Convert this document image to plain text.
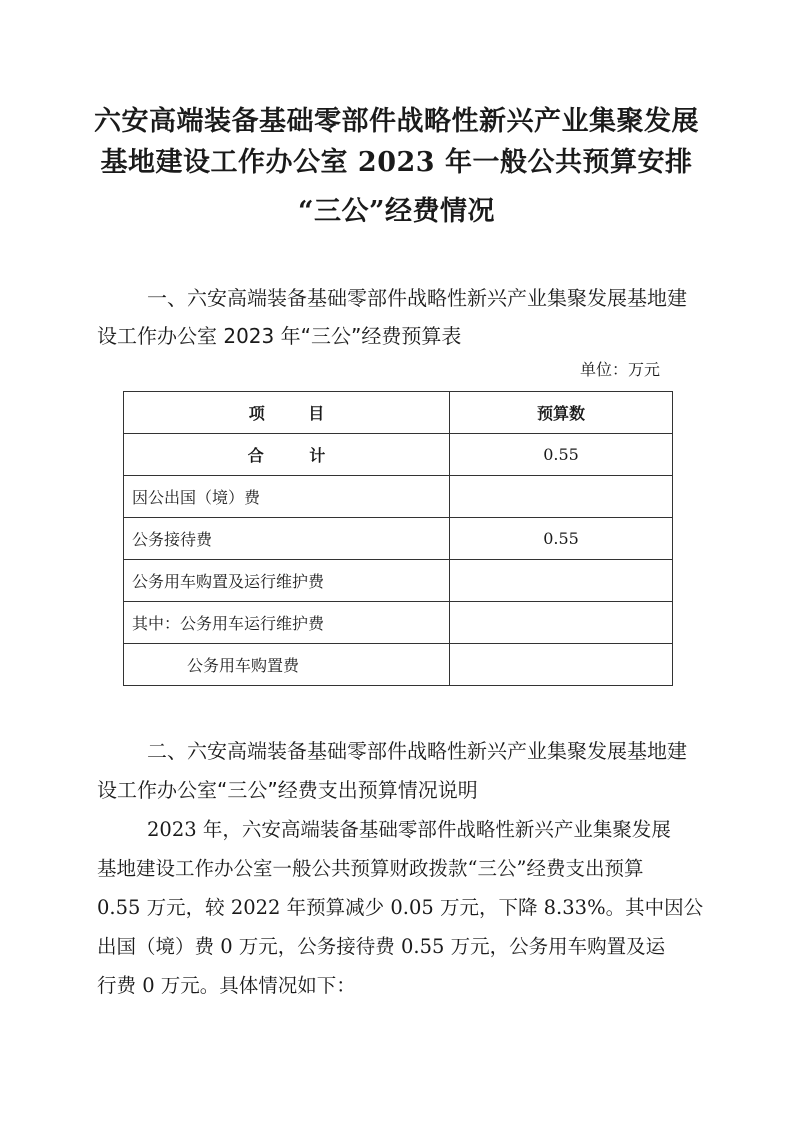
六安高端装备基础零部件战略性新兴产业集聚发展
基地建设工作办公室 2023 年一般公共预算安排
“三公”经费情况
一、六安高端装备基础零部件战略性新兴产业集聚发展基地建
设工作办公室 2023 年“三公”经费预算表
单位：万元
项 目	预算数
合 计	0.55
因公出国（境）费	
公务接待费	0.55
公务用车购置及运行维护费	
其中：公务用车运行维护费	
公务用车购置费	
二、六安高端装备基础零部件战略性新兴产业集聚发展基地建
设工作办公室“三公”经费支出预算情况说明
2023 年，六安高端装备基础零部件战略性新兴产业集聚发展
基地建设工作办公室一般公共预算财政拨款“三公”经费支出预算
0.55 万元，较 2022 年预算减少 0.05 万元，下降 8.33%。其中因公
出国（境）费 0 万元，公务接待费 0.55 万元，公务用车购置及运
行费 0 万元。具体情况如下：
